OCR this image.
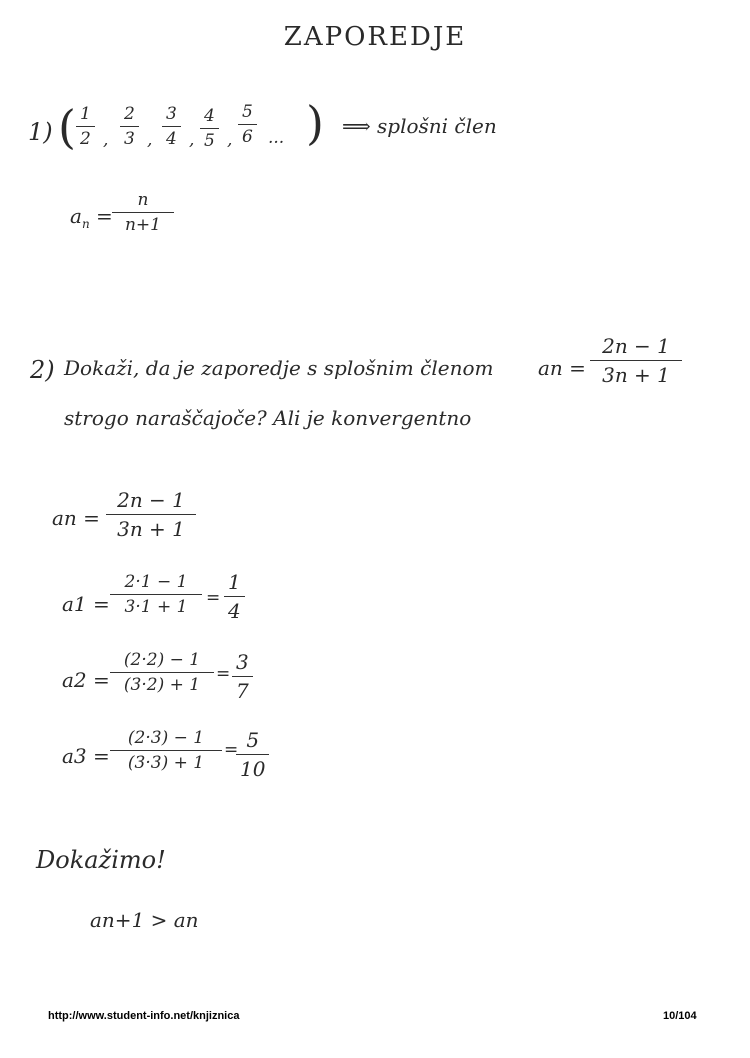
ZAPOREDJE
1) ( $\frac{1}{2}$ , $\frac{2}{3}$ , $\frac{3}{4}$ , $\frac{4}{5}$ , $\frac{5}{6}$ ... ) ⟹ splošni člen
$a_n = \frac{n}{n+1}$
2) Dokaži, da je zaporedje s splošnim členom an = $\frac{2n - 1}{3n + 1}$
strogo naraščajoče? Ali je konvergentno
an = $\frac{2n - 1}{3n + 1}$
$a1 = \frac{2\cdot 1 - 1}{3\cdot 1 + 1} = \frac{1}{4}$
$a2 = \frac{(2\cdot 2) - 1}{(3\cdot 2) + 1} = \frac{3}{7}$
$a3 = \frac{(2\cdot 3) - 1}{(3\cdot 3) + 1}$ =
$\frac{5}{10}$
Dokažimo!
an+1 > an
http://www.student-info.net/knjiznica	10/104
